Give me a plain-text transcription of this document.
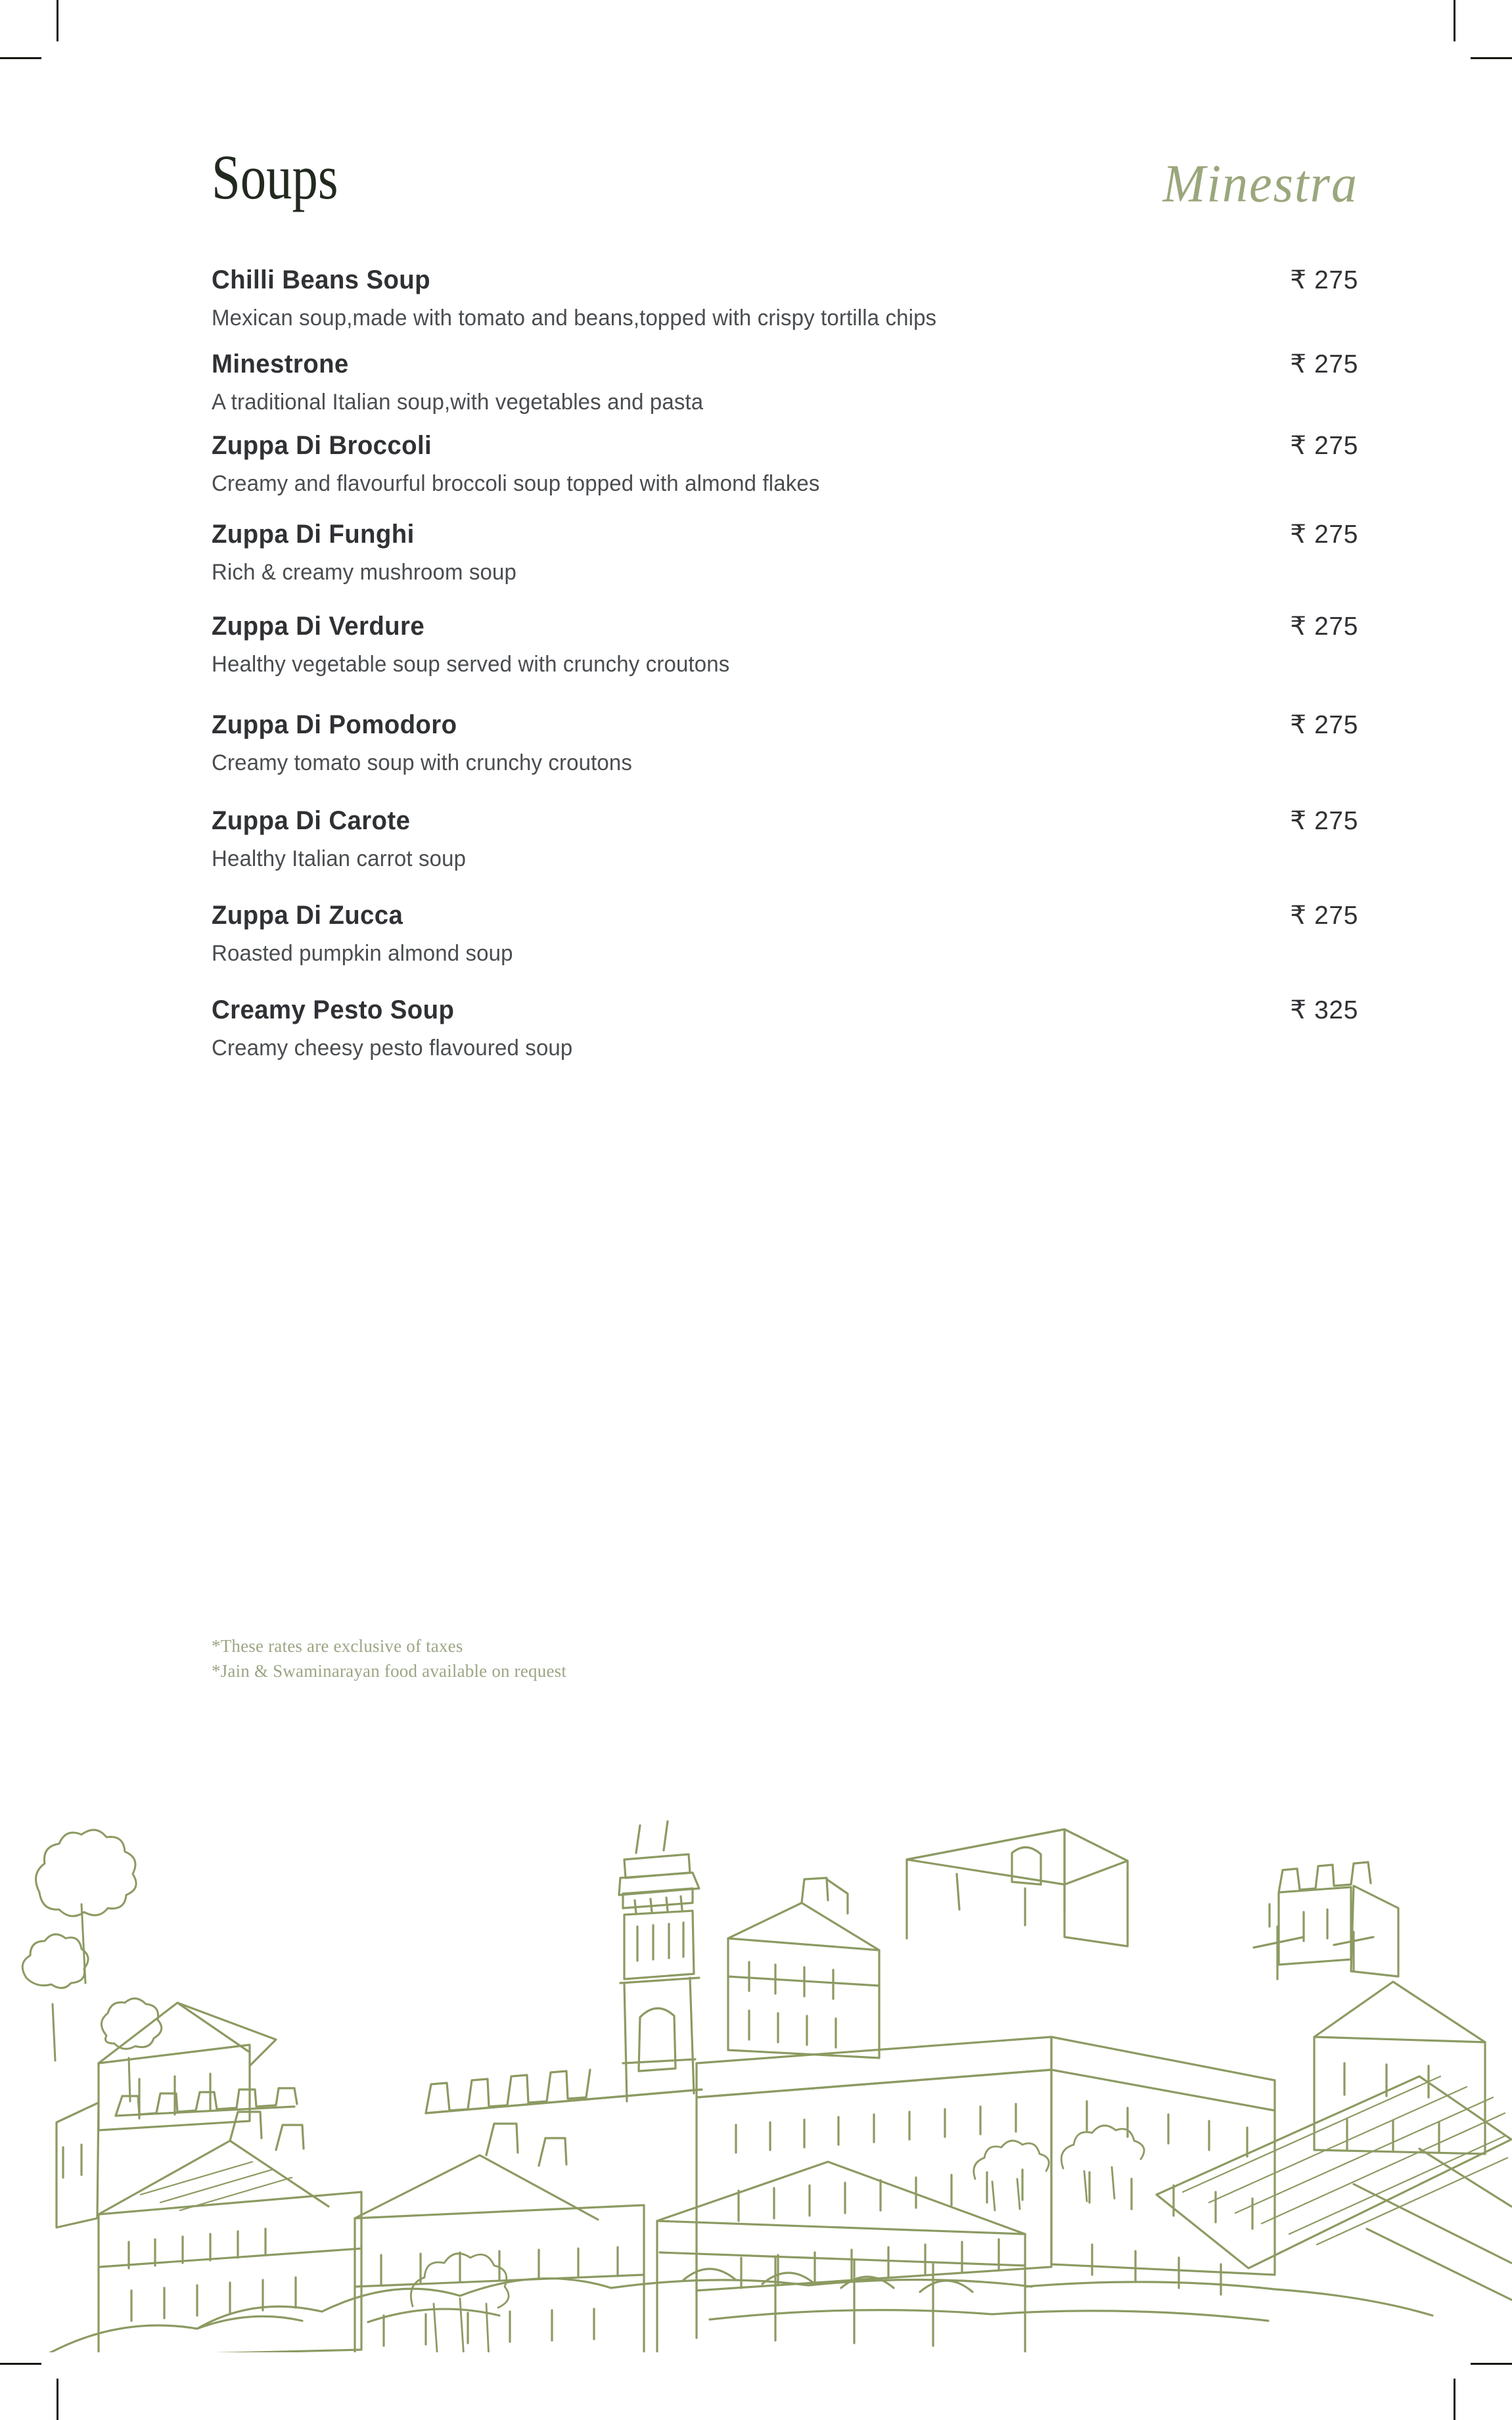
Soups	Minestra
Chilli Beans Soup	₹ 275
Mexican soup,made with tomato and beans,topped with crispy tortilla chips
Minestrone	₹ 275
A traditional Italian soup,with vegetables and pasta
Zuppa Di Broccoli	₹ 275
Creamy and flavourful broccoli soup topped with almond flakes
Zuppa Di Funghi	₹ 275
Rich & creamy mushroom soup
Zuppa Di Verdure	₹ 275
Healthy vegetable soup served with crunchy croutons
Zuppa Di Pomodoro	₹ 275
Creamy tomato soup with crunchy croutons
Zuppa Di Carote	₹ 275
Healthy Italian carrot soup
Zuppa Di Zucca	₹ 275
Roasted pumpkin almond soup
Creamy Pesto Soup	₹ 325
Creamy cheesy pesto flavoured soup
*These rates are exclusive of taxes
*Jain & Swaminarayan food available on request
